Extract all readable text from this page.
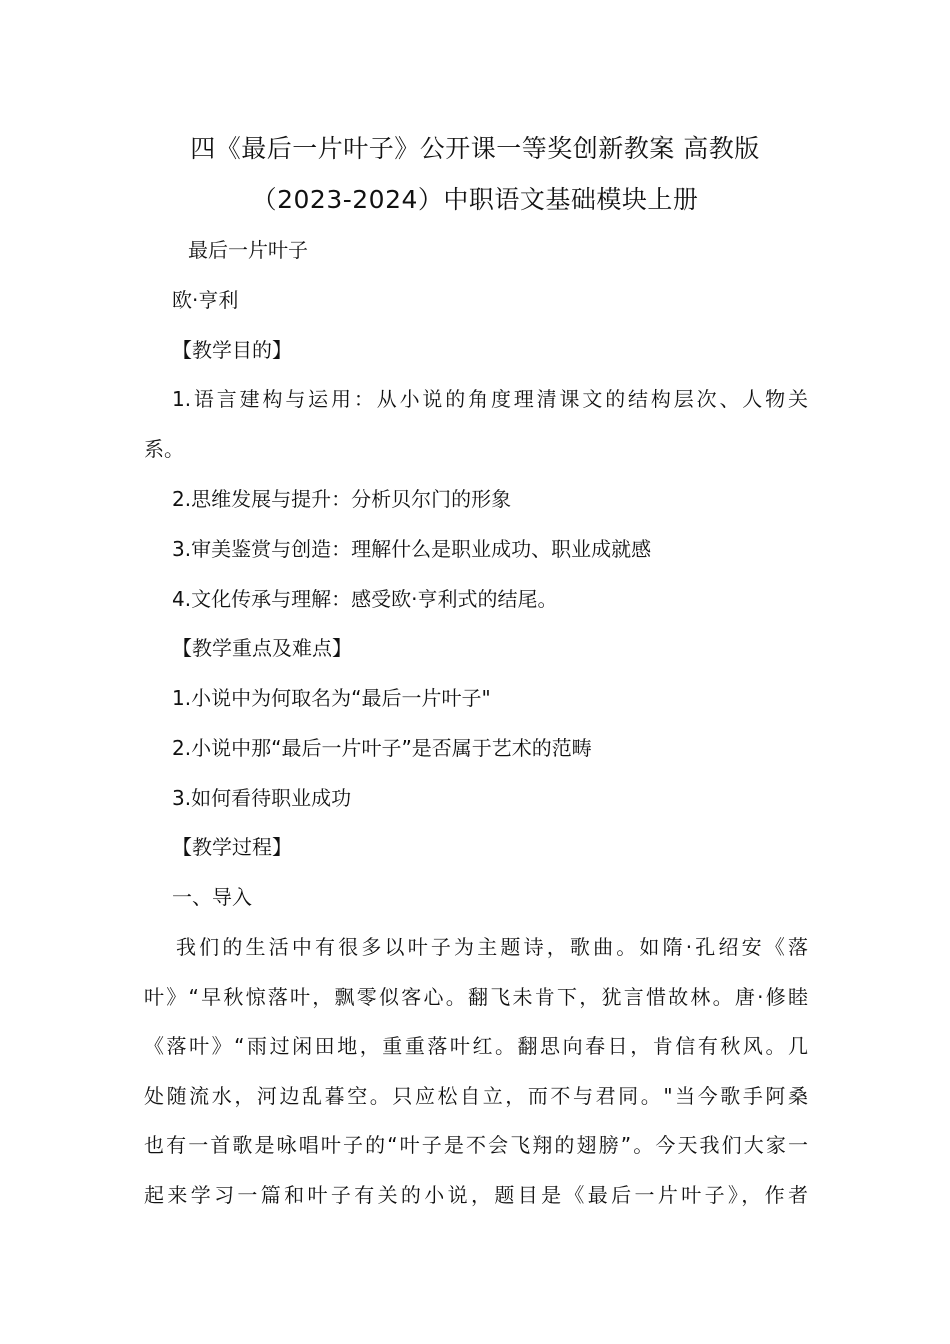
四《最后一片叶子》公开课一等奖创新教案 高教版
（2023-2024）中职语文基础模块上册
最后一片叶子
欧·亨利
【教学目的】
1.语言建构与运用：从小说的角度理清课文的结构层次、人物关
系。
2.思维发展与提升：分析贝尔门的形象
3.审美鉴赏与创造：理解什么是职业成功、职业成就感
4.文化传承与理解：感受欧·亨利式的结尾。
【教学重点及难点】
1.小说中为何取名为“最后一片叶子"
2.小说中那“最后一片叶子”是否属于艺术的范畴
3.如何看待职业成功
【教学过程】
一、导入
我们的生活中有很多以叶子为主题诗，歌曲。如隋·孔绍安《落
叶》“早秋惊落叶，飘零似客心。翻飞未肯下，犹言惜故林。唐·修睦
《落叶》“雨过闲田地，重重落叶红。翻思向春日，肯信有秋风。几
处随流水，河边乱暮空。只应松自立，而不与君同。"当今歌手阿桑
也有一首歌是咏唱叶子的“叶子是不会飞翔的翅膀”。今天我们大家一
起来学习一篇和叶子有关的小说，题目是《最后一片叶子》，作者
